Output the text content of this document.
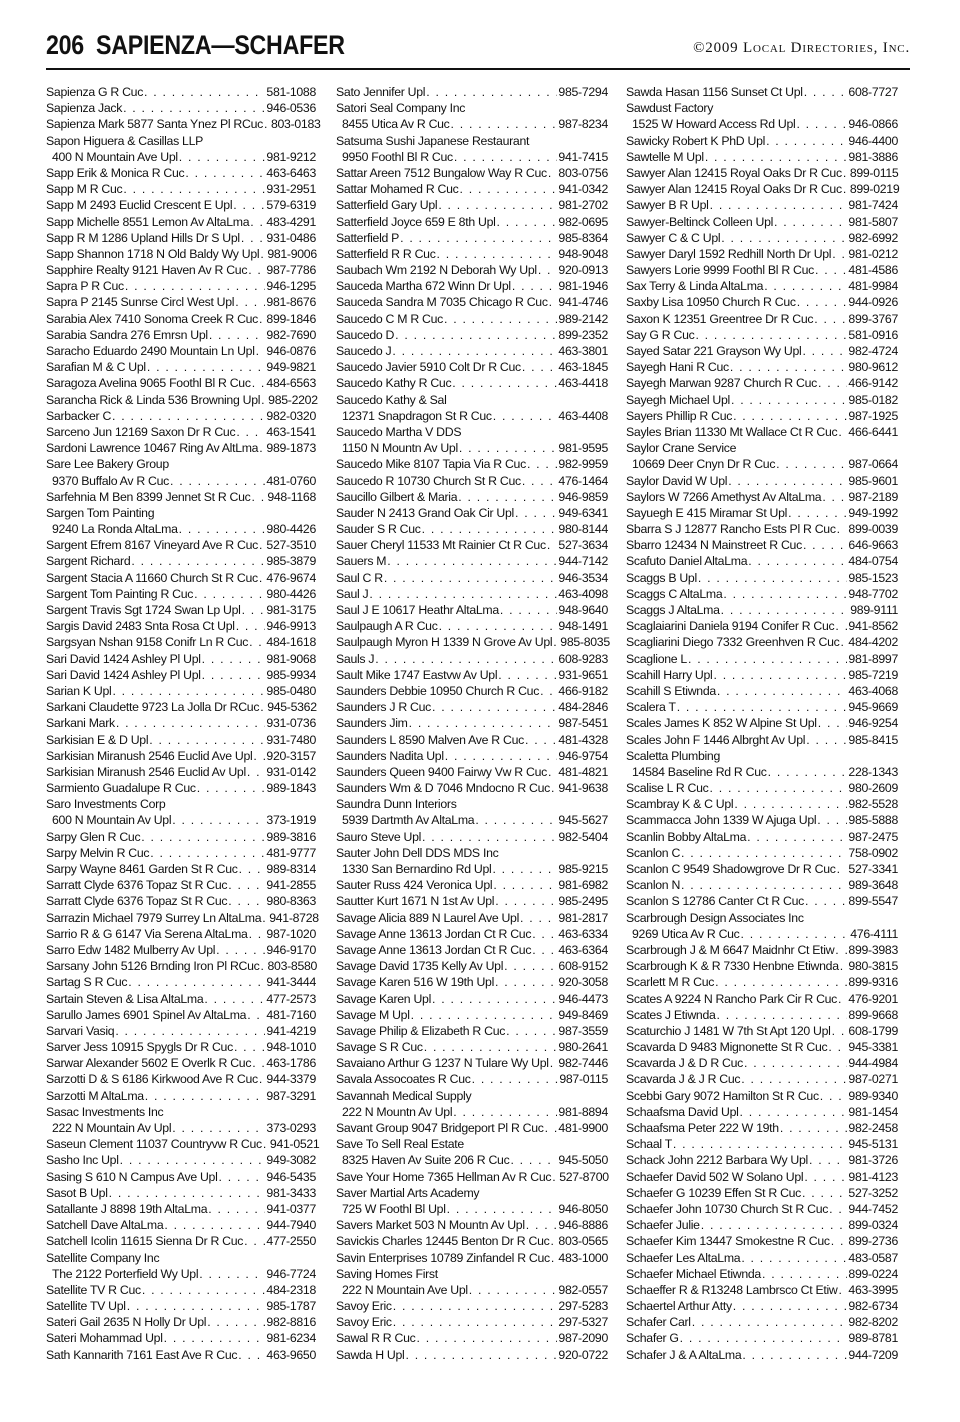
206 SAPIENZA—SCHAFER	©2009 Local Directories, Inc.
Sapienza G R Cuc . . .	581-1088
Sapienza Jack . . .	946-0536
Sapienza Mark 5877 Santa Ynez Pl RCuc . . . 803-0183
Sapon Higuera & Casillas LLP
400 N Mountain Ave Upl . . .	981-9212
Sapp Erik & Monica R Cuc . . .	463-6463
Sapp M R Cuc . . .	931-2951
Sapp M 2493 Euclid Crescent E Upl . . .	579-6319
Sapp Michelle 8551 Lemon Av AltaLma . . . 483-4291
Sapp R M 1286 Upland Hills Dr S Upl . . . 931-0486
Sapp Shannon 1718 N Old Baldy Wy Upl . . . 981-9006
Sapphire Realty 9121 Haven Av R Cuc . . . 987-7786
Sapra P R Cuc . . .	946-1295
Sapra P 2145 Sunrse Circl West Upl . . .	981-8676
Sarabia Alex 7410 Sonoma Creek R Cuc . . . 899-1846
Sarabia Sandra 276 Emrsn Upl . . .	982-7690
Saracho Eduardo 2490 Mountain Ln Upl . . . 946-0876
Sarafian M & C Upl . . .	949-9821
Saragoza Avelina 9065 Foothl Bl R Cuc . . . 484-6563
Sarancha Rick & Linda 536 Browning Upl . . . 985-2202
Sarbacker C . . .	982-0320
Sarceno Jun 12169 Saxon Dr R Cuc . . .	463-1541
Sardoni Lawrence 10467 Ring Av AltLma . . . 989-1873
Sare Lee Bakery Group
9370 Buffalo Av R Cuc . . .	481-0760
Sarfehnia M Ben 8399 Jennet St R Cuc . . . 948-1168
Sargen Tom Painting
9240 La Ronda AltaLma . . .	980-4426
Sargent Efrem 8167 Vineyard Ave R Cuc . . . 527-3510
Sargent Richard . . .	985-3879
Sargent Stacia A 11660 Church St R Cuc . . . 476-9674
Sargent Tom Painting R Cuc . . .	980-4426
Sargent Travis Sgt 1724 Swan Lp Upl . . . 981-3175
Sargis David 2483 Snta Rosa Ct Upl . . .	946-9913
Sargsyan Nshan 9158 Conifr Ln R Cuc . . . 484-1618
Sari David 1424 Ashley Pl Upl . . .	981-9068
Sari David 1424 Ashley Pl Upl . . .	985-9934
Sarian K Upl . . .	985-0480
Sarkani Claudette 9723 La Jolla Dr RCuc . . . 945-5362
Sarkani Mark . . .	931-0736
Sarkisian E & D Upl . . .	931-7480
Sarkisian Miranush 2546 Euclid Ave Upl . . . 920-3157
Sarkisian Miranush 2546 Euclid Av Upl . . . 931-0142
Sarmiento Guadalupe R Cuc . . .	989-1843
Saro Investments Corp
600 N Mountain Av Upl . . .	373-1919
Sarpy Glen R Cuc . . .	989-3816
Sarpy Melvin R Cuc . . .	481-9777
Sarpy Wayne 8461 Garden St R Cuc . . . 989-8314
Sarratt Clyde 6376 Topaz St R Cuc . . .	941-2855
Sarratt Clyde 6376 Topaz St R Cuc . . .	980-8363
Sarrazin Michael 7979 Surrey Ln AltaLma . . . 941-8728
Sarrio R & G 6147 Via Serena AltaLma . . . 987-1020
Sarro Edw 1482 Mulberry Av Upl . . .	946-9170
Sarsany John 5126 Brnding Iron Pl RCuc . . . 803-8580
Sartag S R Cuc . . .	941-3444
Sartain Steven & Lisa AltaLma . . .	477-2573
Sarullo James 6901 Spinel Av AltaLma . . . 481-7160
Sarvari Vasiq . . .	941-4219
Sarver Jess 10915 Spygls Dr R Cuc . . .	948-1010
Sarwar Alexander 5602 E Overlk R Cuc . . . 463-1786
Sarzotti D & S 6186 Kirkwood Ave R Cuc . . . 944-3379
Sarzotti M AltaLma . . .	987-3291
Sasac Investments Inc
222 N Mountain Av Upl . . .	373-0293
Saseun Clement 11037 Countryvw R Cuc . . . 941-0521
Sasho Inc Upl . . .	949-3082
Sasing S 610 N Campus Ave Upl . . .	946-5435
Sasot B Upl . . .	981-3433
Satallante J 8898 19th AltaLma . . .	941-0377
Satchell Dave AltaLma . . .	944-7940
Satchell Icolin 11615 Sienna Dr R Cuc . . . 477-2550
Satellite Company Inc
The 2122 Porterfield Wy Upl . . .	946-7724
Satellite TV R Cuc . . .	484-2318
Satellite TV Upl . . .	985-1787
Sateri Gail 2635 N Holly Dr Upl . . .	982-8816
Sateri Mohammad Upl . . .	981-6234
Sath Kannarith 7161 East Ave R Cuc . . . 463-9650
Sato Jennifer Upl . . .	985-7294
Satori Seal Company Inc
8455 Utica Av R Cuc . . .	987-8234
Satsuma Sushi Japanese Restaurant
9950 Foothl Bl R Cuc . . .	941-7415
Sattar Areen 7512 Bungalow Way R Cuc . . . 803-0756
Sattar Mohamed R Cuc . . .	941-0342
Satterfield Gary Upl . . .	981-2702
Satterfield Joyce 659 E 8th Upl . . .	982-0695
Satterfield P . . .	985-8364
Satterfield R R Cuc . . .	948-9048
Saubach Wm 2192 N Deborah Wy Upl . . . 920-0913
Sauceda Martha 672 Winn Dr Upl . . .	981-1946
Sauceda Sandra M 7035 Chicago R Cuc . . . 941-4746
Saucedo C M R Cuc . . .	989-2142
Saucedo D . . .	899-2352
Saucedo J . . .	463-3801
Saucedo Javier 5910 Colt Dr R Cuc . . .	463-1845
Saucedo Kathy R Cuc . . .	463-4418
Saucedo Kathy & Sal
12371 Snapdragon St R Cuc . . .	463-4408
Saucedo Martha V DDS
1150 N Mountn Av Upl . . .	981-9595
Saucedo Mike 8107 Tapia Via R Cuc . . .	982-9959
Saucedo R 10730 Church St R Cuc . . .	476-1464
Saucillo Gilbert & Maria . . .	946-9859
Sauder N 2413 Grand Oak Cir Upl . . .	949-6341
Sauder S R Cuc . . .	980-8144
Sauer Cheryl 11533 Mt Rainier Ct R Cuc . . . 527-3634
Sauers M . . .	944-7142
Saul C R . . .	946-3534
Saul J . . .	463-4098
Saul J E 10617 Heathr AltaLma . . .	948-9640
Saulpaugh A R Cuc . . .	948-1491
Saulpaugh Myron H 1339 N Grove Av Upl . . . 985-8035
Sauls J . . .	608-9283
Sault Mike 1747 Eastvw Av Upl . . .	931-9651
Saunders Debbie 10950 Church R Cuc . . . 466-9182
Saunders J R Cuc . . .	484-2846
Saunders Jim . . .	987-5451
Saunders L 8590 Malven Ave R Cuc . . .	481-4328
Saunders Nadita Upl . . .	946-9754
Saunders Queen 9400 Fairwy Vw R Cuc . . . 481-4821
Saunders Wm & D 7046 Mndocno R Cuc . . . 941-9638
Saundra Dunn Interiors
5939 Dartmth Av AltaLma . . .	945-5627
Sauro Steve Upl . . .	982-5404
Sauter John Dell DDS MDS Inc
1330 San Bernardino Rd Upl . . .	985-9215
Sauter Russ 424 Veronica Upl . . .	981-6982
Sautter Kurt 1671 N 1st Av Upl . . .	985-2495
Savage Alicia 889 N Laurel Ave Upl . . .	981-2817
Savage Anne 13613 Jordan Ct R Cuc . . . 463-6334
Savage Anne 13613 Jordan Ct R Cuc . . . 463-6364
Savage David 1735 Kelly Av Upl . . .	608-9152
Savage Karen 516 W 19th Upl . . .	920-3058
Savage Karen Upl . . .	946-4473
Savage M Upl . . .	949-8469
Savage Philip & Elizabeth R Cuc . . .	987-3559
Savage S R Cuc . . .	980-2641
Savaiano Arthur G 1237 N Tulare Wy Upl . . . 982-7446
Savala Assocoates R Cuc . . .	987-0115
Savannah Medical Supply
222 N Mountn Av Upl . . .	981-8894
Savant Group 9047 Bridgeport Pl R Cuc . . . 481-9900
Save To Sell Real Estate
8325 Haven Av Suite 206 R Cuc . . .	945-5050
Save Your Home 7365 Hellman Av R Cuc . . . 527-8700
Saver Martial Arts Academy
725 W Foothl Bl Upl . . .	946-8050
Savers Market 503 N Mountn Av Upl . . .	946-8886
Savickis Charles 12445 Benton Dr R Cuc . . . 803-0565
Savin Enterprises 10789 Zinfandel R Cuc . . . 483-1000
Saving Homes First
222 N Mountain Ave Upl . . .	982-0557
Savoy Eric . . .	297-5283
Savoy Eric . . .	297-5327
Sawal R R Cuc . . .	987-2090
Sawda H Upl . . .	920-0722
Sawda Hasan 1156 Sunset Ct Upl . . .	608-7727
Sawdust Factory
1525 W Howard Access Rd Upl . . .	946-0866
Sawicky Robert K PhD Upl . . .	946-4400
Sawtelle M Upl . . .	981-3886
Sawyer Alan 12415 Royal Oaks Dr R Cuc . . . 899-0115
Sawyer Alan 12415 Royal Oaks Dr R Cuc . . . 899-0219
Sawyer B R Upl . . .	981-7424
Sawyer-Beltinck Colleen Upl . . .	981-5807
Sawyer C & C Upl . . .	982-6992
Sawyer Daryl 1592 Redhill North Dr Upl . . . 981-0212
Sawyers Lorie 9999 Foothl Bl R Cuc . . .	481-4586
Sax Terry & Linda AltaLma . . .	481-9984
Saxby Lisa 10950 Church R Cuc . . .	944-0926
Saxon K 12351 Greentree Dr R Cuc . . .	899-3767
Say G R Cuc . . .	581-0916
Sayed Satar 221 Grayson Wy Upl . . .	982-4724
Sayegh Hani R Cuc . . .	980-9612
Sayegh Marwan 9287 Church R Cuc . . .	466-9142
Sayegh Michael Upl . . .	985-0182
Sayers Phillip R Cuc . . .	987-1925
Sayles Brian 11330 Mt Wallace Ct R Cuc . . . 466-6441
Saylor Crane Service
10669 Deer Cnyn Dr R Cuc . . .	987-0664
Saylor David W Upl . . .	985-9601
Saylors W 7266 Amethyst Av AltaLma . . . 987-2189
Sayuegh E 415 Miramar St Upl . . .	949-1992
Sbarra S J 12877 Rancho Ests Pl R Cuc . . . 899-0039
Sbarro 12434 N Mainstreet R Cuc . . .	646-9663
Scafuto Daniel AltaLma . . .	484-0754
Scaggs B Upl . . .	985-1523
Scaggs C AltaLma . . .	948-7702
Scaggs J AltaLma . . .	989-9111
Scaglaiarini Daniela 9194 Conifer R Cuc . . . 941-8562
Scagliarini Diego 7332 Greenhven R Cuc . . . 484-4202
Scaglione L . . .	981-8997
Scahill Harry Upl . . .	985-7219
Scahill S Etiwnda . . .	463-4068
Scalera T . . .	945-9669
Scales James K 852 W Alpine St Upl . . .	946-9254
Scales John F 1446 Albrght Av Upl . . .	985-8415
Scaletta Plumbing
14584 Baseline Rd R Cuc . . .	228-1343
Scalise L R Cuc . . .	980-2609
Scambray K & C Upl . . .	982-5528
Scammacca John 1339 W Ajuga Upl . . .	985-5888
Scanlin Bobby AltaLma . . .	987-2475
Scanlon C . . .	758-0902
Scanlon C 9549 Shadowgrove Dr R Cuc . . . 527-3341
Scanlon N . . .	989-3648
Scanlon S 12786 Canter Ct R Cuc . . .	899-5547
Scarbrough Design Associates Inc
9269 Utica Av R Cuc . . .	476-4111
Scarbrough J & M 6647 Maidnhr Ct Etiw . . . 899-3983
Scarbrough K & R 7330 Henbne Etiwnda . . . 980-3815
Scarlett M R Cuc . . .	899-9316
Scates A 9224 N Rancho Park Cir R Cuc . . . 476-9201
Scates J Etiwnda . . .	899-9668
Scaturchio J 1481 W 7th St Apt 120 Upl . . . 608-1799
Scavarda D 9483 Mignonette St R Cuc . . . 945-3381
Scavarda J & D R Cuc . . .	944-4984
Scavarda J & J R Cuc . . .	987-0271
Scebbi Gary 9072 Hamilton St R Cuc . . . 989-9340
Schaafsma David Upl . . .	981-1454
Schaafsma Peter 222 W 19th . . .	982-2458
Schaal T . . .	945-5131
Schack John 2212 Barbara Wy Upl . . .	981-3726
Schaefer David 502 W Solano Upl . . .	981-4123
Schaefer G 10239 Effen St R Cuc . . .	527-3252
Schaefer John 10730 Church St R Cuc . . . 944-7452
Schaefer Julie . . .	899-0324
Schaefer Kim 13447 Smokestne R Cuc . . . 899-2736
Schaefer Les AltaLma . . .	483-0587
Schaefer Michael Etiwnda . . .	899-0224
Schaeffer R & R13248 Lambrsco Ct Etiw . . . 463-3995
Schaertel Arthur Atty . . .	982-6734
Schafer Carl . . .	982-8202
Schafer G . . .	989-8781
Schafer J & A AltaLma . . .	944-7209
